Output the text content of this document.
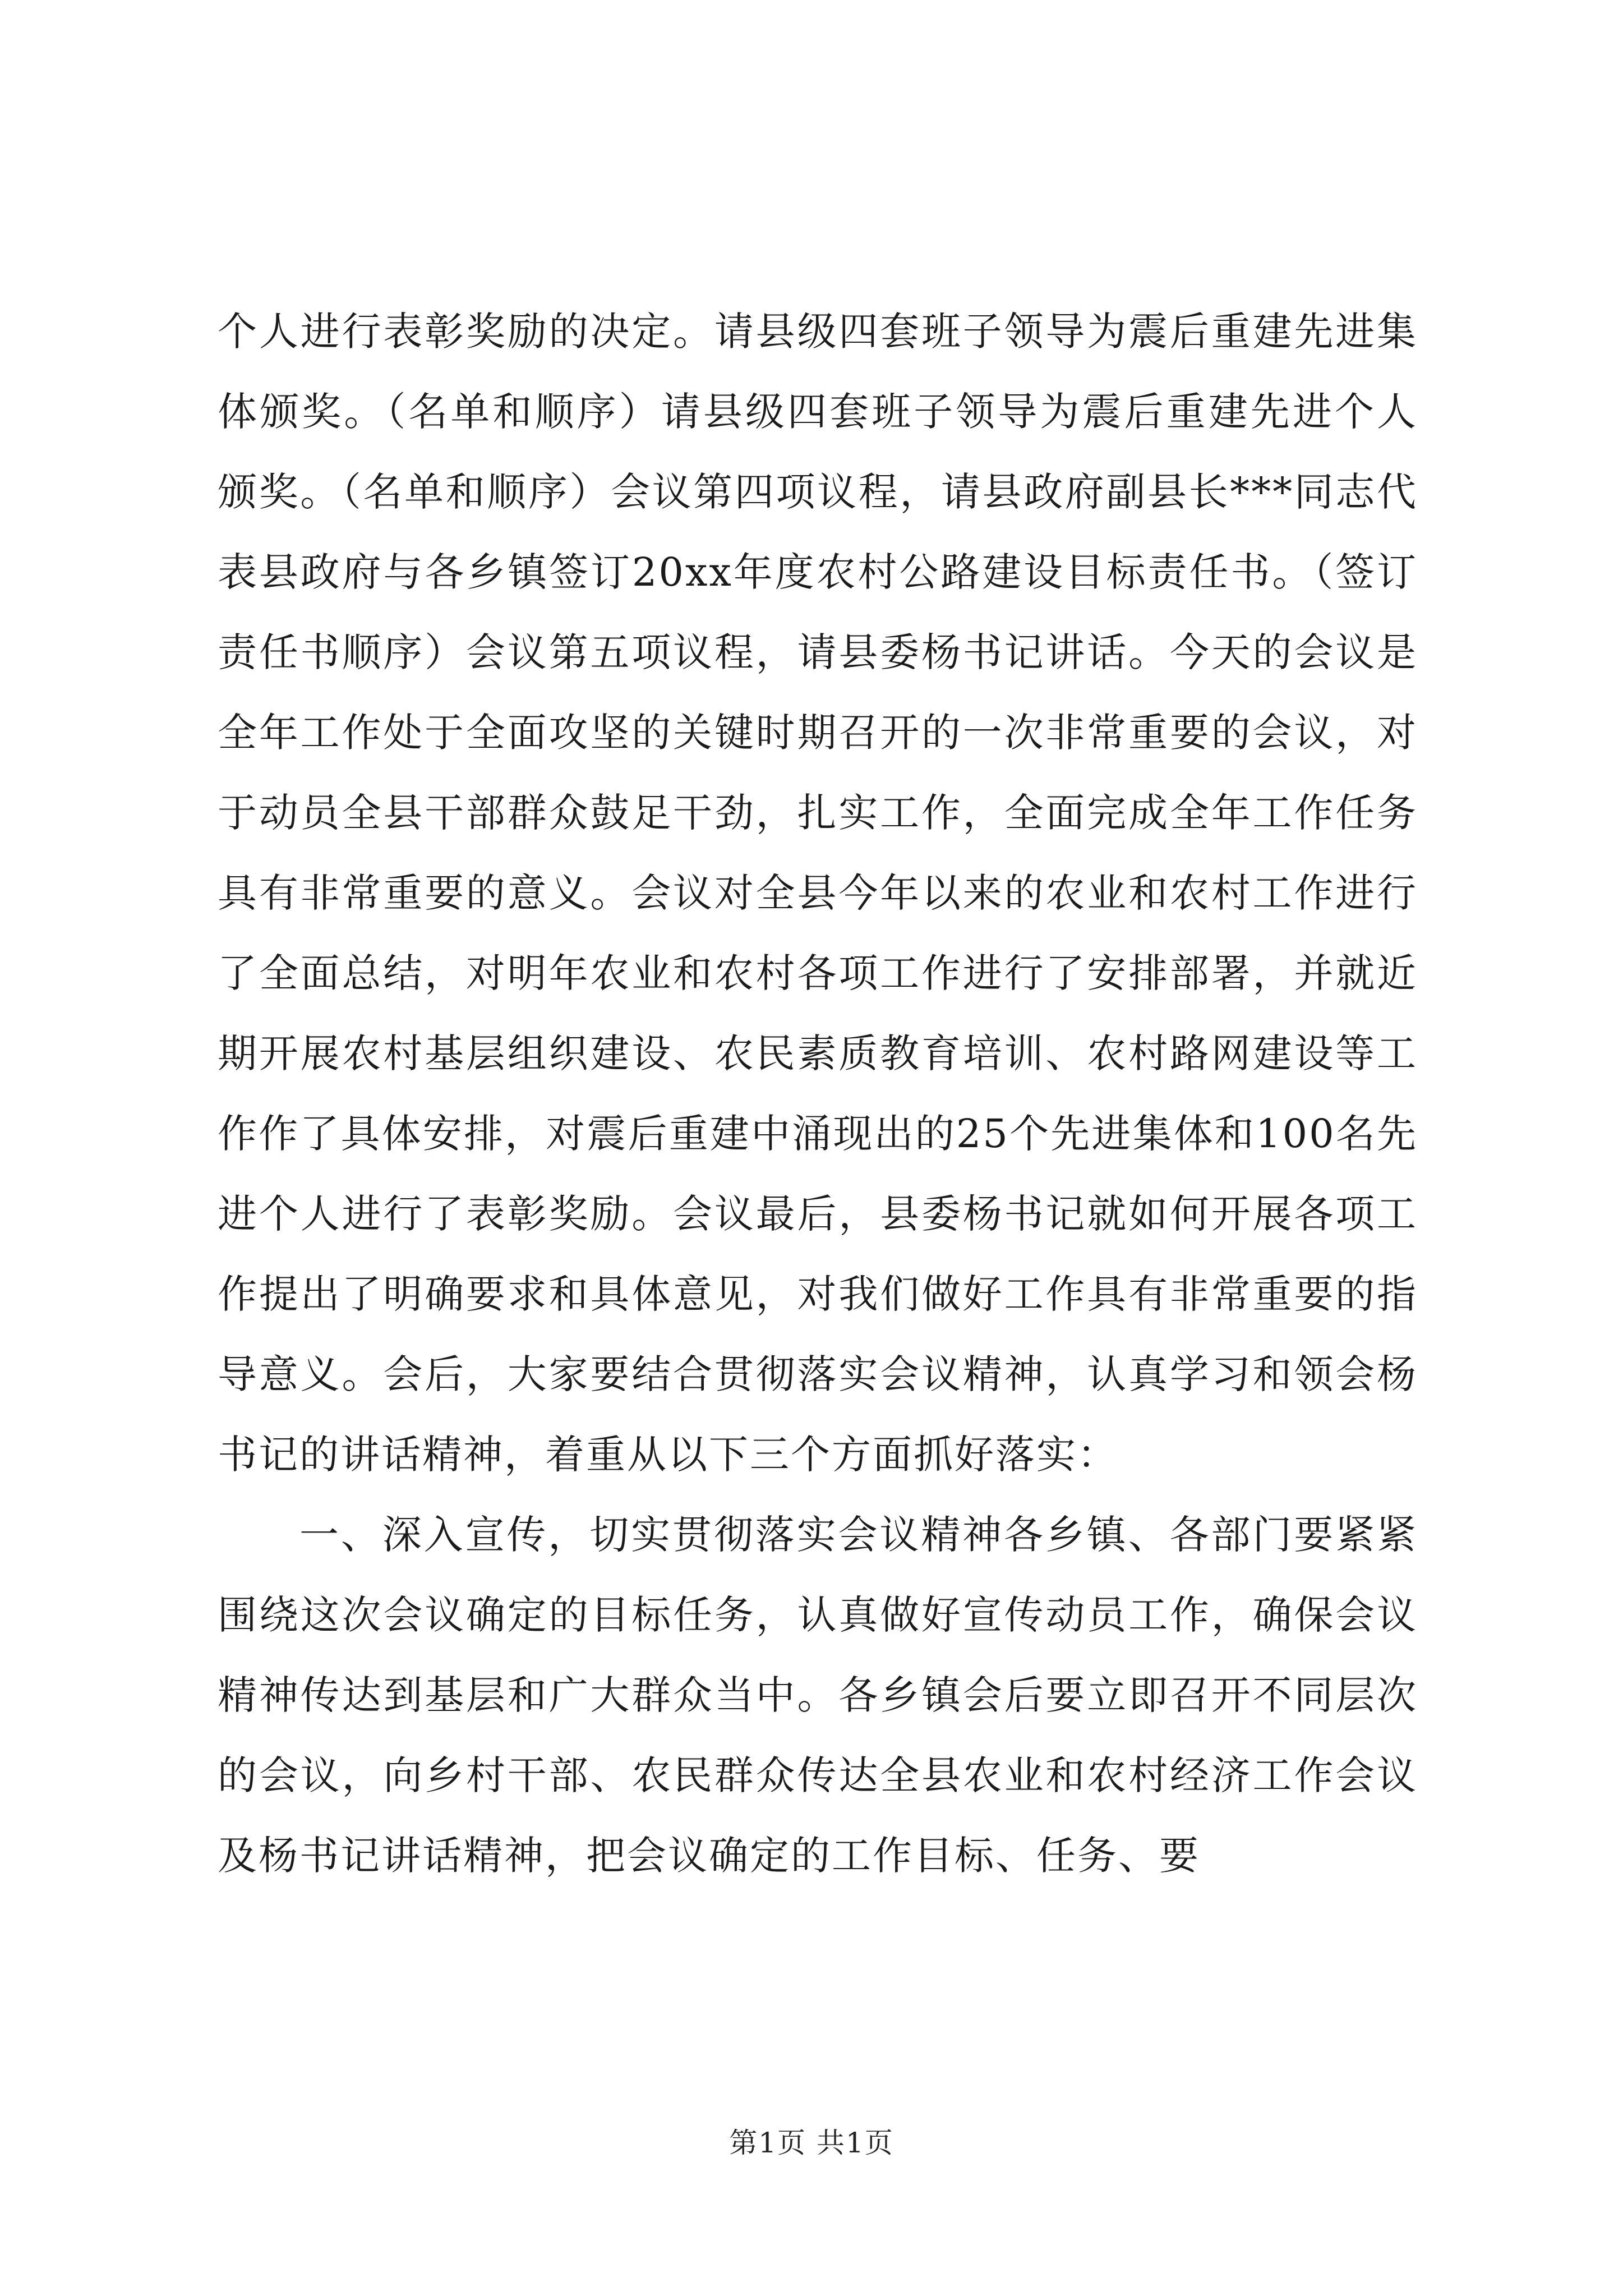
个人进行表彰奖励的决定。请县级四套班子领导为震后重建先进集体颁奖。（名单和顺序）请县级四套班子领导为震后重建先进个人颁奖。（名单和顺序）会议第四项议程，请县政府副县长***同志代表县政府与各乡镇签订20xx年度农村公路建设目标责任书。（签订责任书顺序）会议第五项议程，请县委杨书记讲话。今天的会议是全年工作处于全面攻坚的关键时期召开的一次非常重要的会议，对于动员全县干部群众鼓足干劲，扎实工作，全面完成全年工作任务具有非常重要的意义。会议对全县今年以来的农业和农村工作进行了全面总结，对明年农业和农村各项工作进行了安排部署，并就近期开展农村基层组织建设、农民素质教育培训、农村路网建设等工作作了具体安排，对震后重建中涌现出的25个先进集体和100名先进个人进行了表彰奖励。会议最后，县委杨书记就如何开展各项工作提出了明确要求和具体意见，对我们做好工作具有非常重要的指导意义。会后，大家要结合贯彻落实会议精神，认真学习和领会杨书记的讲话精神，着重从以下三个方面抓好落实：

一、深入宣传，切实贯彻落实会议精神各乡镇、各部门要紧紧围绕这次会议确定的目标任务，认真做好宣传动员工作，确保会议精神传达到基层和广大群众当中。各乡镇会后要立即召开不同层次的会议，向乡村干部、农民群众传达全县农业和农村经济工作会议及杨书记讲话精神，把会议确定的工作目标、任务、要

第1页 共1页
